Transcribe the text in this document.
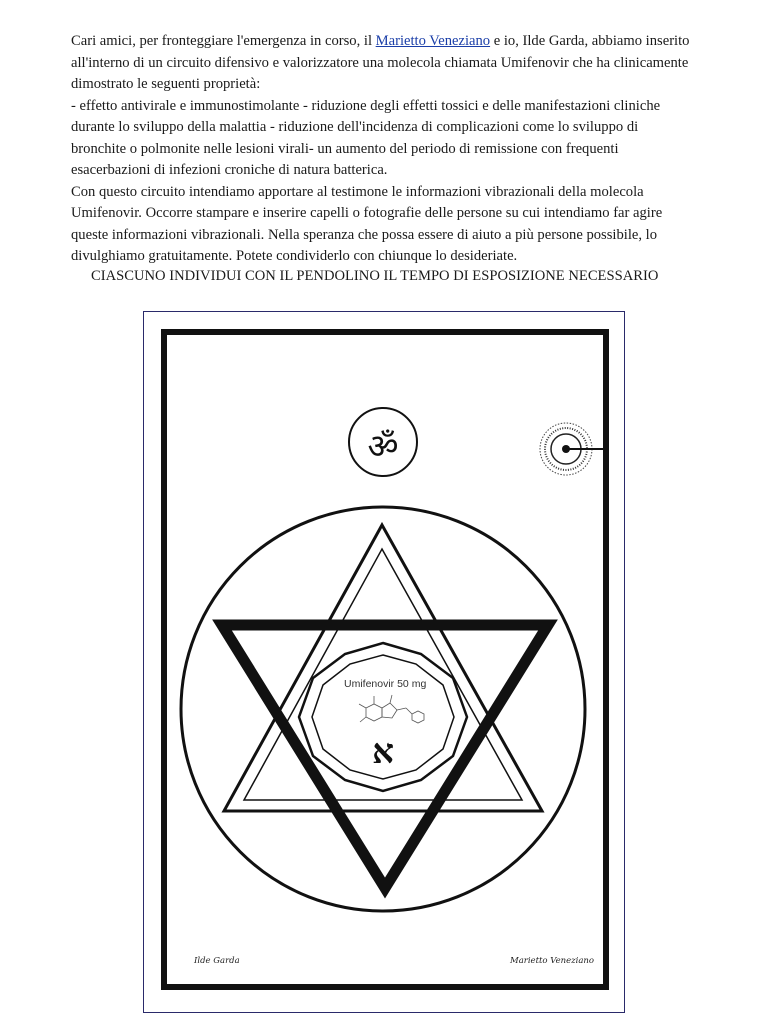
Cari amici, per fronteggiare l'emergenza in corso, il Marietto Veneziano e io, Ilde Garda, abbiamo inserito all'interno di un circuito difensivo e valorizzatore una molecola chiamata Umifenovir che ha clinicamente dimostrato le seguenti proprietà:

- effetto antivirale e immunostimolante - riduzione degli effetti tossici e delle manifestazioni cliniche durante lo sviluppo della malattia - riduzione dell'incidenza di complicazioni come lo sviluppo di bronchite o polmonite nelle lesioni virali- un aumento del periodo di remissione con frequenti esacerbazioni di infezioni croniche di natura batterica.

Con questo circuito intendiamo apportare al testimone le informazioni vibrazionali della molecola Umifenovir. Occorre stampare e inserire capelli o fotografie delle persone su cui intendiamo far agire queste informazioni vibrazionali. Nella speranza che possa essere di aiuto a più persone possibile, lo divulghiamo gratuitamente. Potete condividerlo con chiunque lo desideriate.

CIASCUNO INDIVIDUI CON IL PENDOLINO IL TEMPO DI ESPOSIZIONE NECESSARIO
ॐ
Umifenovir 50 mg
א
Ilde Garda	Marietto Veneziano
